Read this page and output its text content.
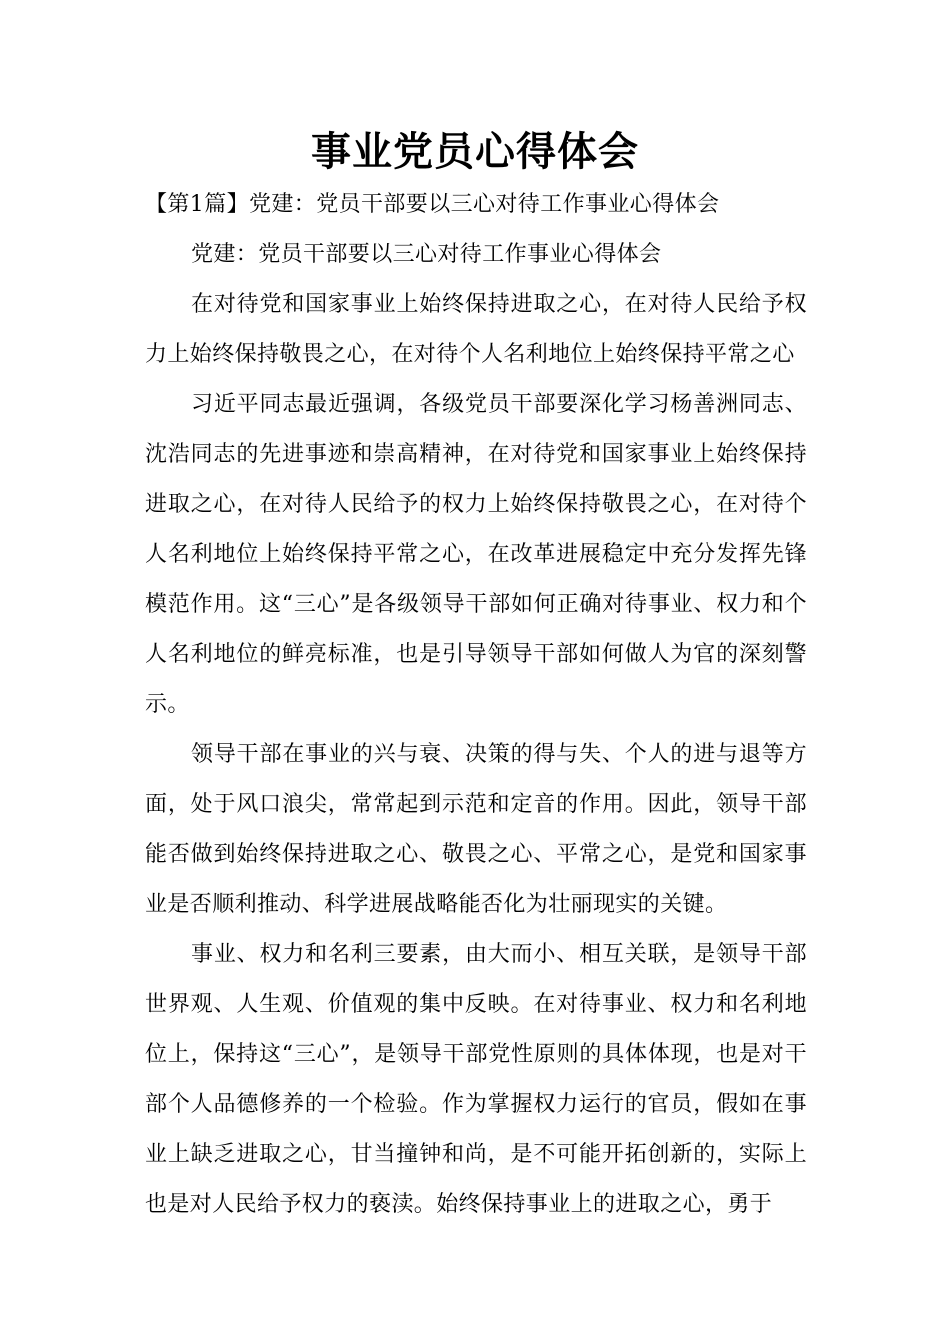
事业党员心得体会

【第1篇】党建：党员干部要以三心对待工作事业心得体会

党建：党员干部要以三心对待工作事业心得体会

在对待党和国家事业上始终保持进取之心，在对待人民给予权力上始终保持敬畏之心，在对待个人名利地位上始终保持平常之心

习近平同志最近强调，各级党员干部要深化学习杨善洲同志、沈浩同志的先进事迹和崇高精神，在对待党和国家事业上始终保持进取之心，在对待人民给予的权力上始终保持敬畏之心，在对待个人名利地位上始终保持平常之心，在改革进展稳定中充分发挥先锋模范作用。这“三心”是各级领导干部如何正确对待事业、权力和个人名利地位的鲜亮标准，也是引导领导干部如何做人为官的深刻警示。

领导干部在事业的兴与衰、决策的得与失、个人的进与退等方面，处于风口浪尖，常常起到示范和定音的作用。因此，领导干部能否做到始终保持进取之心、敬畏之心、平常之心，是党和国家事业是否顺利推动、科学进展战略能否化为壮丽现实的关键。

事业、权力和名利三要素，由大而小、相互关联，是领导干部世界观、人生观、价值观的集中反映。在对待事业、权力和名利地位上，保持这“三心”，是领导干部党性原则的具体体现，也是对干部个人品德修养的一个检验。作为掌握权力运行的官员，假如在事业上缺乏进取之心，甘当撞钟和尚，是不可能开拓创新的，实际上也是对人民给予权力的亵渎。始终保持事业上的进取之心，勇于
